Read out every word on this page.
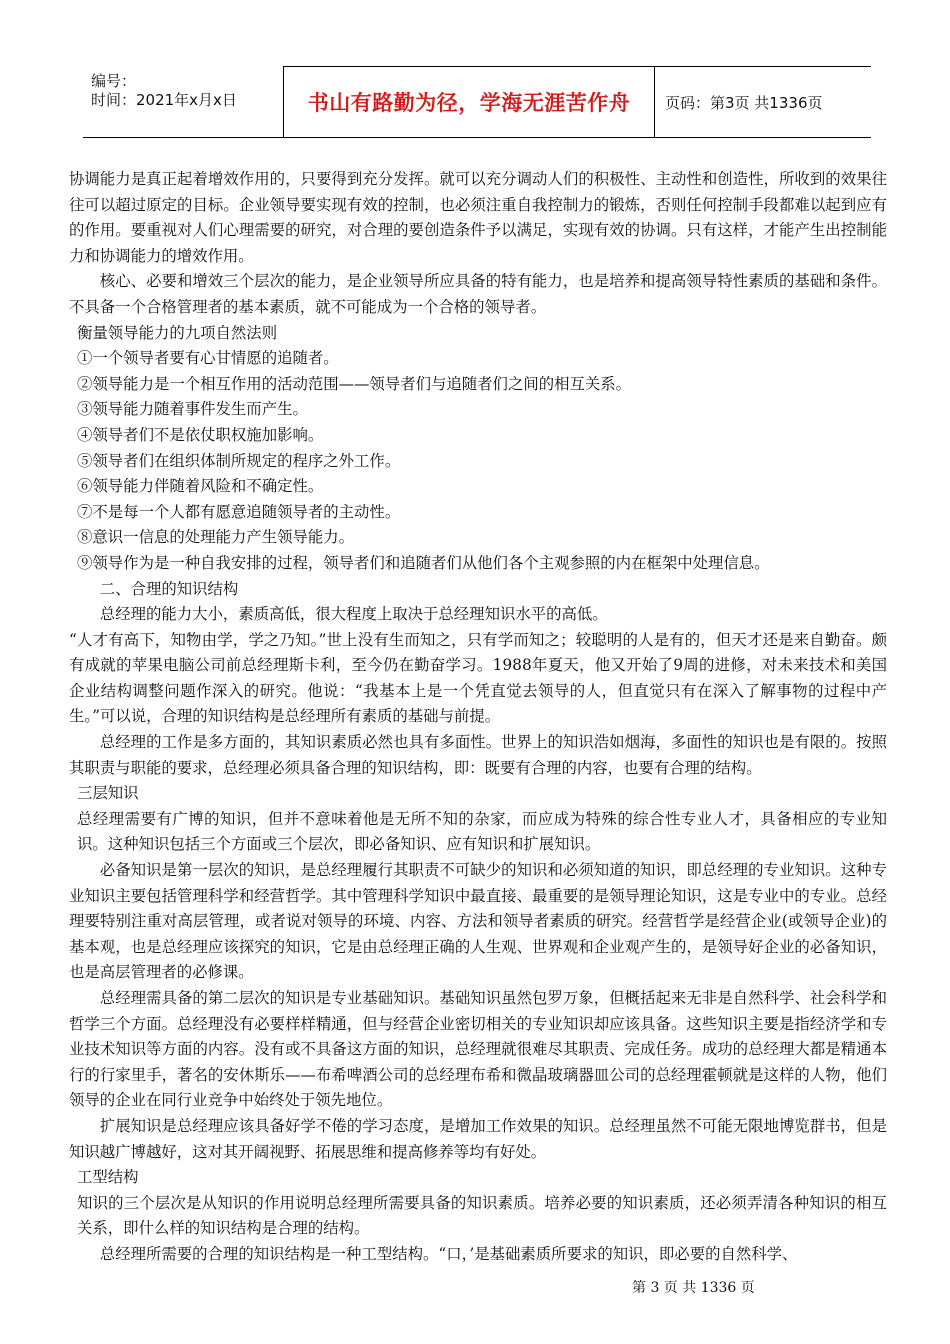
编号：
时间：2021年x月x日	书山有路勤为径，学海无涯苦作舟 页码：第3页 共1336页

协调能力是真正起着增效作用的，只要得到充分发挥。就可以充分调动人们的积极性、主动性和创造性，所收到的效果往往可以超过原定的目标。企业领导要实现有效的控制，也必须注重自我控制力的锻炼，否则任何控制手段都难以起到应有的作用。要重视对人们心理需要的研究，对合理的要创造条件予以满足，实现有效的协调。只有这样，才能产生出控制能力和协调能力的增效作用。

核心、必要和增效三个层次的能力，是企业领导所应具备的特有能力，也是培养和提高领导特性素质的基础和条件。不具备一个合格管理者的基本素质，就不可能成为一个合格的领导者。

衡量领导能力的九项自然法则

①一个领导者要有心甘情愿的追随者。

②领导能力是一个相互作用的活动范围——领导者们与追随者们之间的相互关系。

③领导能力随着事件发生而产生。

④领导者们不是依仗职权施加影响。

⑤领导者们在组织体制所规定的程序之外工作。

⑥领导能力伴随着风险和不确定性。

⑦不是每一个人都有愿意追随领导者的主动性。

⑧意识一信息的处理能力产生领导能力。

⑨领导作为是一种自我安排的过程，领导者们和追随者们从他们各个主观参照的内在框架中处理信息。

二、合理的知识结构

总经理的能力大小，素质高低，很大程度上取决于总经理知识水平的高低。

“人才有高下，知物由学，学之乃知。”世上没有生而知之，只有学而知之；较聪明的人是有的，但天才还是来自勤奋。颇有成就的苹果电脑公司前总经理斯卡利，至今仍在勤奋学习。1988年夏天，他又开始了9周的进修，对未来技术和美国企业结构调整问题作深入的研究。他说：“我基本上是一个凭直觉去领导的人，但直觉只有在深入了解事物的过程中产生。”可以说，合理的知识结构是总经理所有素质的基础与前提。

总经理的工作是多方面的，其知识素质必然也具有多面性。世界上的知识浩如烟海，多面性的知识也是有限的。按照其职责与职能的要求，总经理必须具备合理的知识结构，即：既要有合理的内容，也要有合理的结构。

三层知识

总经理需要有广博的知识，但并不意味着他是无所不知的杂家，而应成为特殊的综合性专业人才，具备相应的专业知识。这种知识包括三个方面或三个层次，即必备知识、应有知识和扩展知识。

必备知识是第一层次的知识，是总经理履行其职责不可缺少的知识和必须知道的知识，即总经理的专业知识。这种专业知识主要包括管理科学和经营哲学。其中管理科学知识中最直接、最重要的是领导理论知识，这是专业中的专业。总经理要特别注重对高层管理，或者说对领导的环境、内容、方法和领导者素质的研究。经营哲学是经营企业(或领导企业)的基本观，也是总经理应该探究的知识，它是由总经理正确的人生观、世界观和企业观产生的，是领导好企业的必备知识，也是高层管理者的必修课。

总经理需具备的第二层次的知识是专业基础知识。基础知识虽然包罗万象，但概括起来无非是自然科学、社会科学和哲学三个方面。总经理没有必要样样精通，但与经营企业密切相关的专业知识却应该具备。这些知识主要是指经济学和专业技术知识等方面的内容。没有或不具备这方面的知识，总经理就很难尽其职责、完成任务。成功的总经理大都是精通本行的行家里手，著名的安休斯乐——布希啤酒公司的总经理布希和微晶玻璃器皿公司的总经理霍顿就是这样的人物，他们领导的企业在同行业竞争中始终处于领先地位。

扩展知识是总经理应该具备好学不倦的学习态度，是增加工作效果的知识。总经理虽然不可能无限地博览群书，但是知识越广博越好，这对其开阔视野、拓展思维和提高修养等均有好处。

工型结构

知识的三个层次是从知识的作用说明总经理所需要具备的知识素质。培养必要的知识素质，还必须弄清各种知识的相互关系，即什么样的知识结构是合理的结构。

总经理所需要的合理的知识结构是一种工型结构。“口，’是基础素质所要求的知识，即必要的自然科学、

第 3 页 共 1336 页
